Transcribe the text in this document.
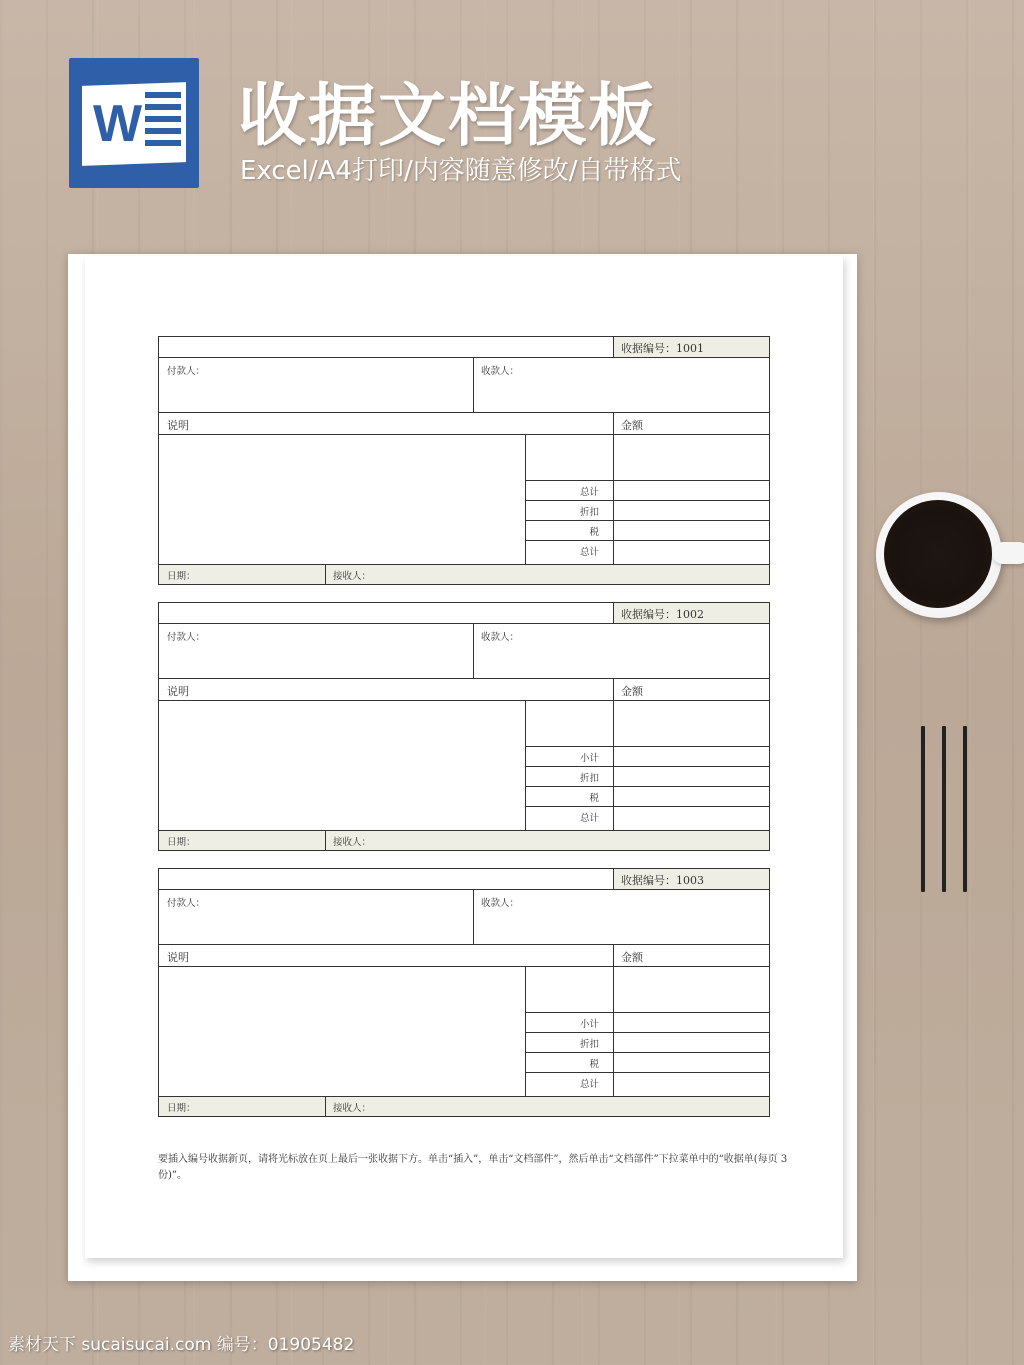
W 收据文档模板
Excel/A4打印/内容随意修改/自带格式
收据编号：1001
付款人：	收款人：
说明	金额
总计
折扣
税
总计
日期：	接收人：
收据编号：1002
付款人：	收款人：
说明	金额
小计
折扣
税
总计
日期：	接收人：
收据编号：1003
付款人：	收款人：
说明	金额
小计
折扣
税
总计
日期：	接收人：
要插入编号收据新页，请将光标放在页上最后一张收据下方。单击“插入”，单击“文档部件”，然后单击“文档部件”下拉菜单中的“收据单(每页 3 份)”。
素材天下 sucaisucai.com 编号：01905482
